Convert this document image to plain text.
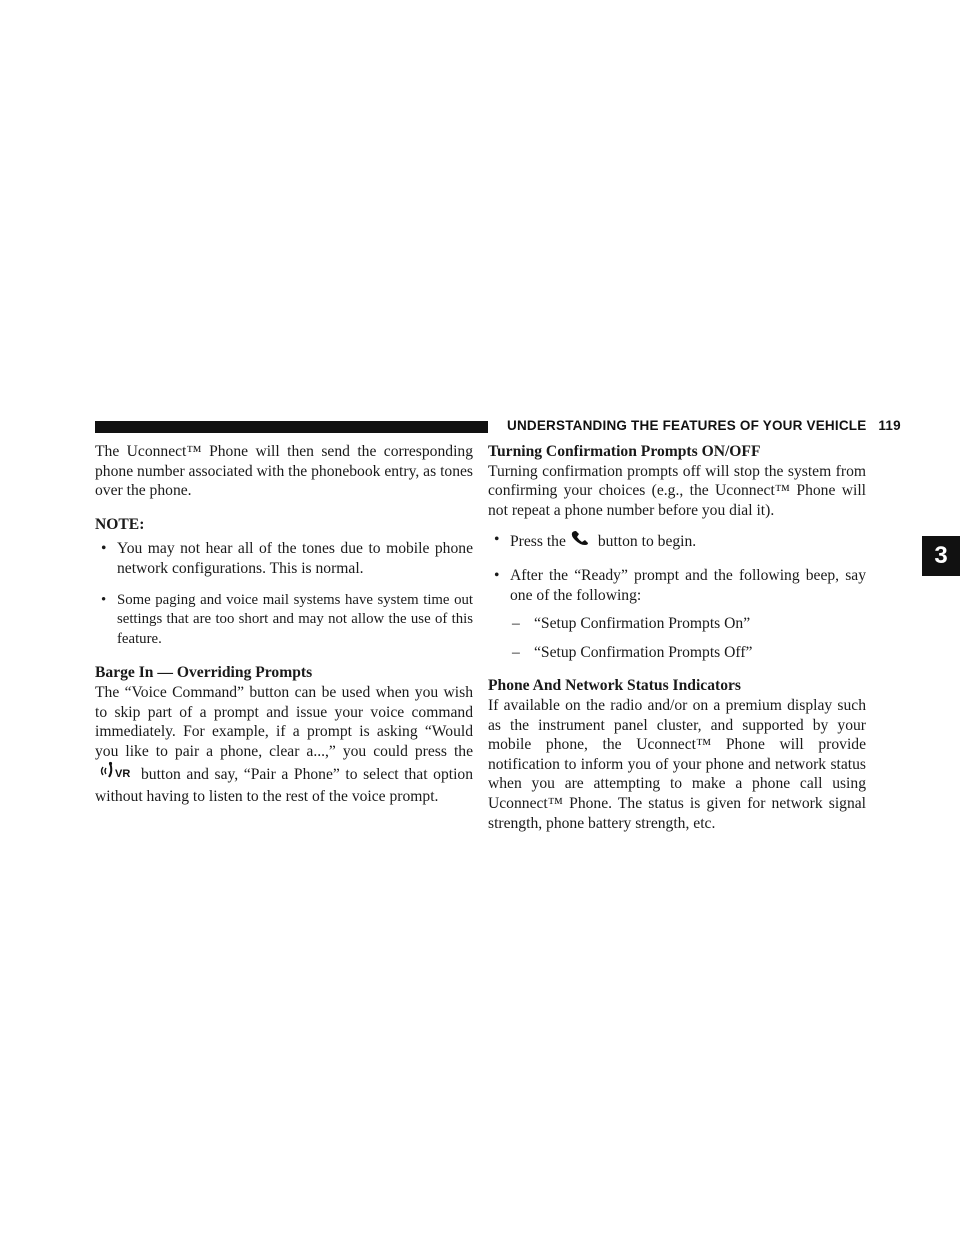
UNDERSTANDING THE FEATURES OF YOUR VEHICLE 119
3

The Uconnect™ Phone will then send the corresponding phone number associated with the phonebook entry, as tones over the phone.

NOTE:

• You may not hear all of the tones due to mobile phone network configurations. This is normal.

• Some paging and voice mail systems have system time out settings that are too short and may not allow the use of this feature.

Barge In — Overriding Prompts

The “Voice Command” button can be used when you wish to skip part of a prompt and issue your voice command immediately. For example, if a prompt is asking “Would you like to pair a phone, clear a...,” you could press the
VR button and say, “Pair a Phone” to select that option without having to listen to the rest of the voice prompt.

Turning Confirmation Prompts ON/OFF

Turning confirmation prompts off will stop the system from confirming your choices (e.g., the Uconnect™ Phone will not repeat a phone number before you dial it).

• Press the button to begin.

• After the “Ready” prompt and the following beep, say one of the following:

– “Setup Confirmation Prompts On”

– “Setup Confirmation Prompts Off”

Phone And Network Status Indicators

If available on the radio and/or on a premium display such as the instrument panel cluster, and supported by your mobile phone, the Uconnect™ Phone will provide notification to inform you of your phone and network status when you are attempting to make a phone call using Uconnect™ Phone. The status is given for network signal strength, phone battery strength, etc.
